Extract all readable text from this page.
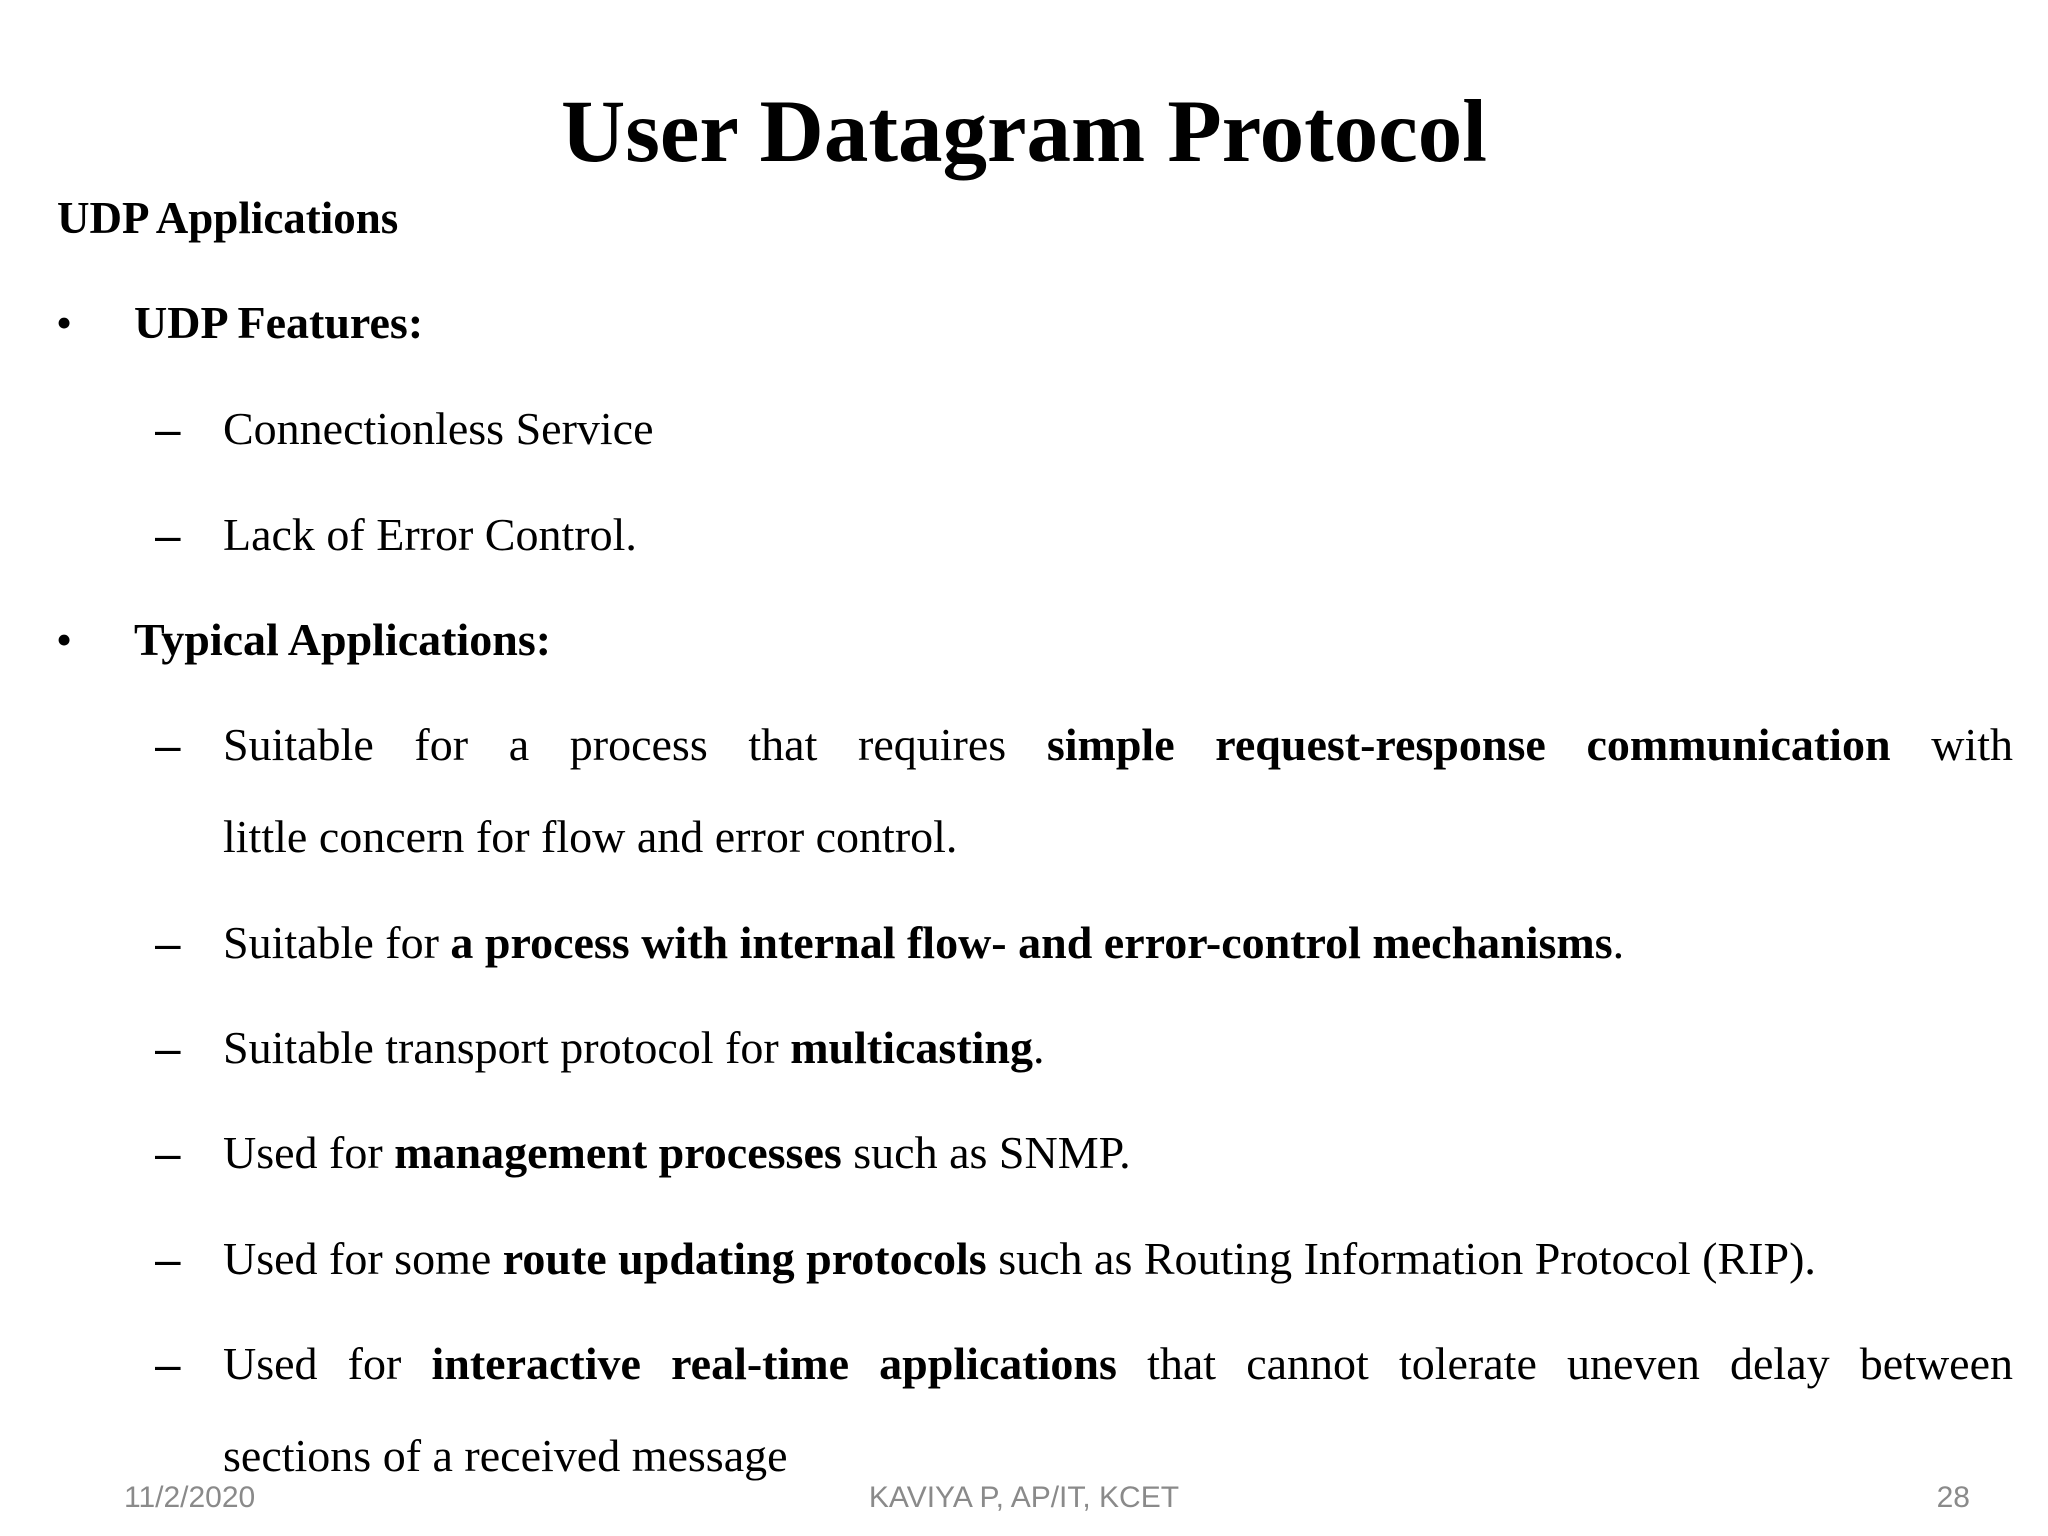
User Datagram Protocol
UDP Applications
• UDP Features:
– Connectionless Service
– Lack of Error Control.
• Typical Applications:
– Suitable for a process that requires simple request-response communication with
little concern for flow and error control.
– Suitable for a process with internal flow- and error-control mechanisms.
– Suitable transport protocol for multicasting.
– Used for management processes such as SNMP.
– Used for some route updating protocols such as Routing Information Protocol (RIP).
– Used for interactive real-time applications that cannot tolerate uneven delay between
sections of a received message
11/2/2020	KAVIYA P, AP/IT, KCET	28
